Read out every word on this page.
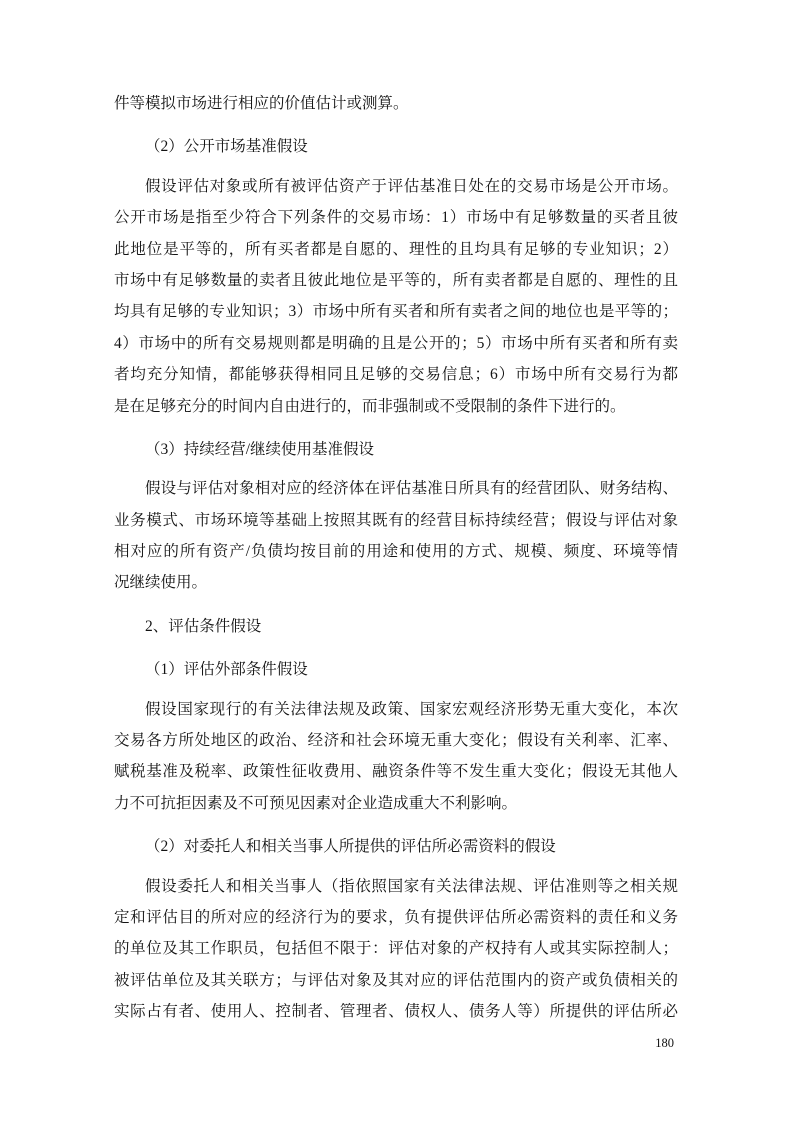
件等模拟市场进行相应的价值估计或测算。
（2）公开市场基准假设
假设评估对象或所有被评估资产于评估基准日处在的交易市场是公开市场。
公开市场是指至少符合下列条件的交易市场：1）市场中有足够数量的买者且彼
此地位是平等的，所有买者都是自愿的、理性的且均具有足够的专业知识；2）
市场中有足够数量的卖者且彼此地位是平等的，所有卖者都是自愿的、理性的且
均具有足够的专业知识；3）市场中所有买者和所有卖者之间的地位也是平等的；
4）市场中的所有交易规则都是明确的且是公开的；5）市场中所有买者和所有卖
者均充分知情，都能够获得相同且足够的交易信息；6）市场中所有交易行为都
是在足够充分的时间内自由进行的，而非强制或不受限制的条件下进行的。
（3）持续经营/继续使用基准假设
假设与评估对象相对应的经济体在评估基准日所具有的经营团队、财务结构、
业务模式、市场环境等基础上按照其既有的经营目标持续经营；假设与评估对象
相对应的所有资产/负债均按目前的用途和使用的方式、规模、频度、环境等情
况继续使用。
2、评估条件假设
（1）评估外部条件假设
假设国家现行的有关法律法规及政策、国家宏观经济形势无重大变化，本次
交易各方所处地区的政治、经济和社会环境无重大变化；假设有关利率、汇率、
赋税基准及税率、政策性征收费用、融资条件等不发生重大变化；假设无其他人
力不可抗拒因素及不可预见因素对企业造成重大不利影响。
（2）对委托人和相关当事人所提供的评估所必需资料的假设
假设委托人和相关当事人（指依照国家有关法律法规、评估准则等之相关规
定和评估目的所对应的经济行为的要求，负有提供评估所必需资料的责任和义务
的单位及其工作职员，包括但不限于：评估对象的产权持有人或其实际控制人；
被评估单位及其关联方；与评估对象及其对应的评估范围内的资产或负债相关的
实际占有者、使用人、控制者、管理者、债权人、债务人等）所提供的评估所必
180
